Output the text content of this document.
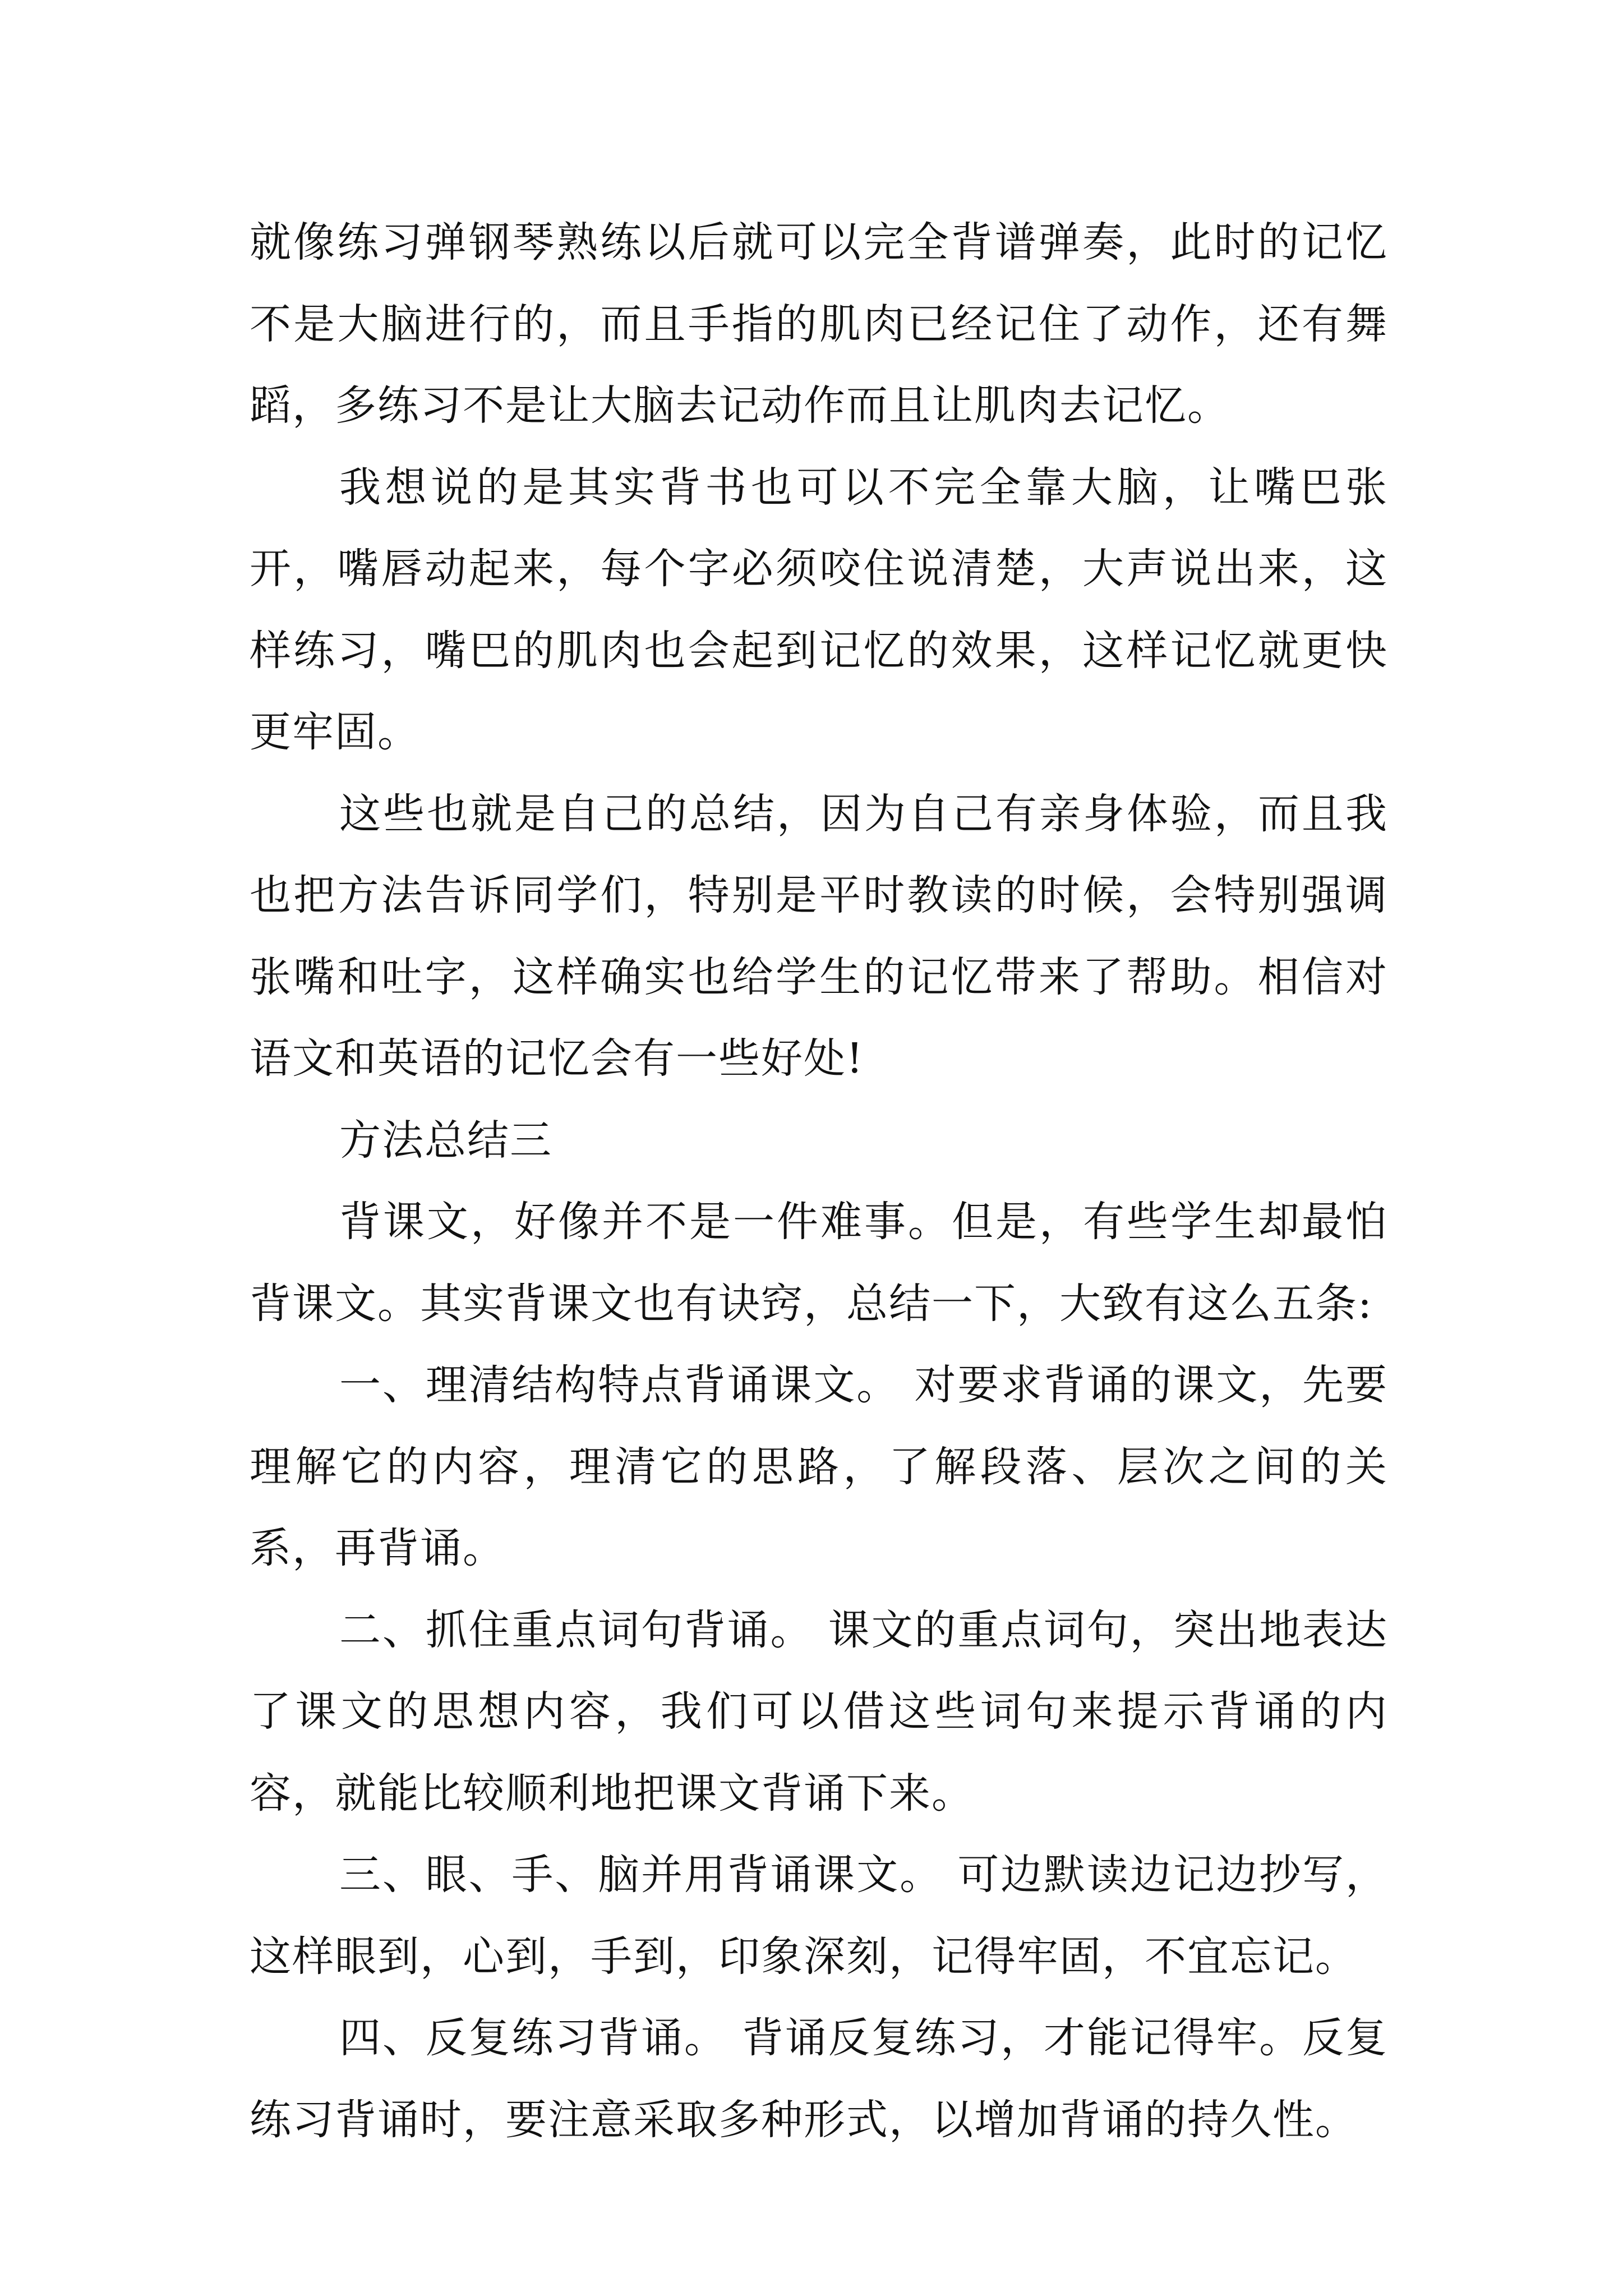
就像练习弹钢琴熟练以后就可以完全背谱弹奏，此时的记忆不是大脑进行的，而且手指的肌肉已经记住了动作，还有舞蹈，多练习不是让大脑去记动作而且让肌肉去记忆。

我想说的是其实背书也可以不完全靠大脑，让嘴巴张开，嘴唇动起来，每个字必须咬住说清楚，大声说出来，这样练习，嘴巴的肌肉也会起到记忆的效果，这样记忆就更快更牢固。

这些也就是自己的总结，因为自己有亲身体验，而且我也把方法告诉同学们，特别是平时教读的时候，会特别强调张嘴和吐字，这样确实也给学生的记忆带来了帮助。相信对语文和英语的记忆会有一些好处!

方法总结三

背课文，好像并不是一件难事。但是，有些学生却最怕背课文。其实背课文也有诀窍，总结一下，大致有这么五条:

一、理清结构特点背诵课文。 对要求背诵的课文，先要理解它的内容，理清它的思路，了解段落、层次之间的关系，再背诵。

二、抓住重点词句背诵。 课文的重点词句，突出地表达了课文的思想内容，我们可以借这些词句来提示背诵的内容，就能比较顺利地把课文背诵下来。

三、眼、手、脑并用背诵课文。 可边默读边记边抄写，这样眼到，心到，手到，印象深刻，记得牢固，不宜忘记。

四、反复练习背诵。 背诵反复练习，才能记得牢。反复练习背诵时，要注意采取多种形式，以增加背诵的持久性。
